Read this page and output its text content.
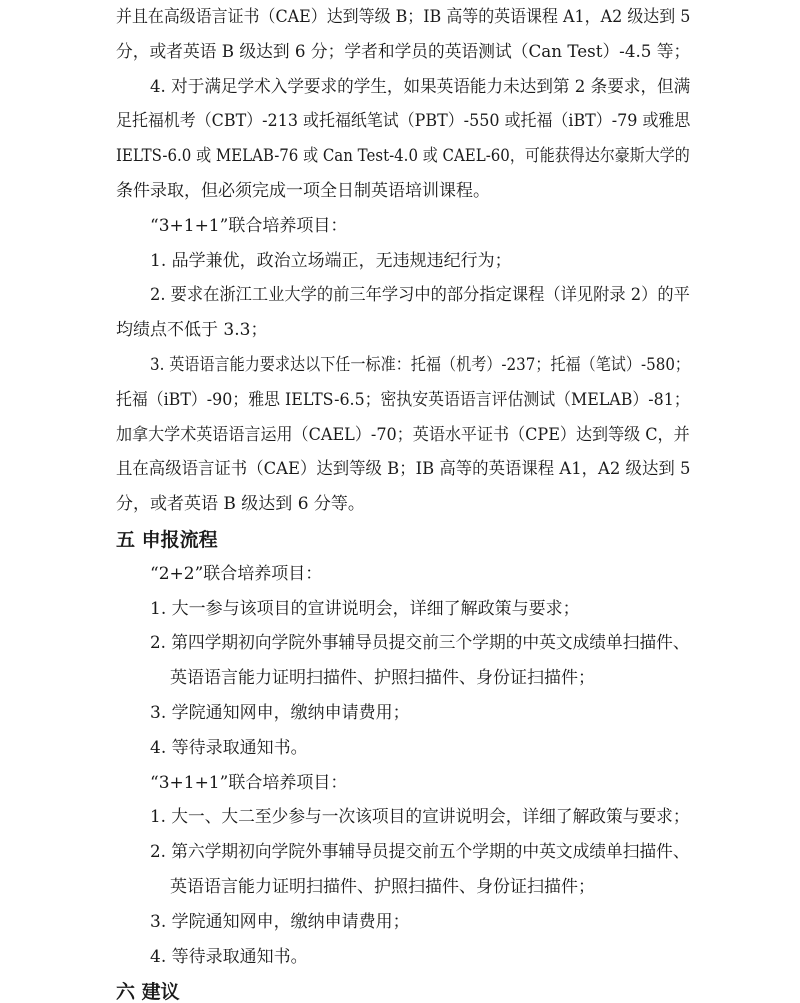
并且在高级语言证书（CAE）达到等级 B；IB 高等的英语课程 A1，A2 级达到 5
分，或者英语 B 级达到 6 分；学者和学员的英语测试（Can Test）-4.5 等；
4. 对于满足学术入学要求的学生，如果英语能力未达到第 2 条要求，但满
足托福机考（CBT）-213 或托福纸笔试（PBT）-550 或托福（iBT）-79 或雅思
IELTS-6.0 或 MELAB-76 或 Can Test-4.0 或 CAEL-60，可能获得达尔豪斯大学的
条件录取，但必须完成一项全日制英语培训课程。
“3+1+1”联合培养项目：
1. 品学兼优，政治立场端正，无违规违纪行为；
2. 要求在浙江工业大学的前三年学习中的部分指定课程（详见附录 2）的平
均绩点不低于 3.3；
3. 英语语言能力要求达以下任一标准：托福（机考）-237；托福（笔试）-580；
托福（iBT）-90；雅思 IELTS-6.5；密执安英语语言评估测试（MELAB）-81；
加拿大学术英语语言运用（CAEL）-70；英语水平证书（CPE）达到等级 C，并
且在高级语言证书（CAE）达到等级 B；IB 高等的英语课程 A1，A2 级达到 5
分，或者英语 B 级达到 6 分等。
五 申报流程
“2+2”联合培养项目：
1. 大一参与该项目的宣讲说明会，详细了解政策与要求；
2. 第四学期初向学院外事辅导员提交前三个学期的中英文成绩单扫描件、
英语语言能力证明扫描件、护照扫描件、身份证扫描件；
3. 学院通知网申，缴纳申请费用；
4. 等待录取通知书。
“3+1+1”联合培养项目：
1. 大一、大二至少参与一次该项目的宣讲说明会，详细了解政策与要求；
2. 第六学期初向学院外事辅导员提交前五个学期的中英文成绩单扫描件、
英语语言能力证明扫描件、护照扫描件、身份证扫描件；
3. 学院通知网申，缴纳申请费用；
4. 等待录取通知书。
六 建议
